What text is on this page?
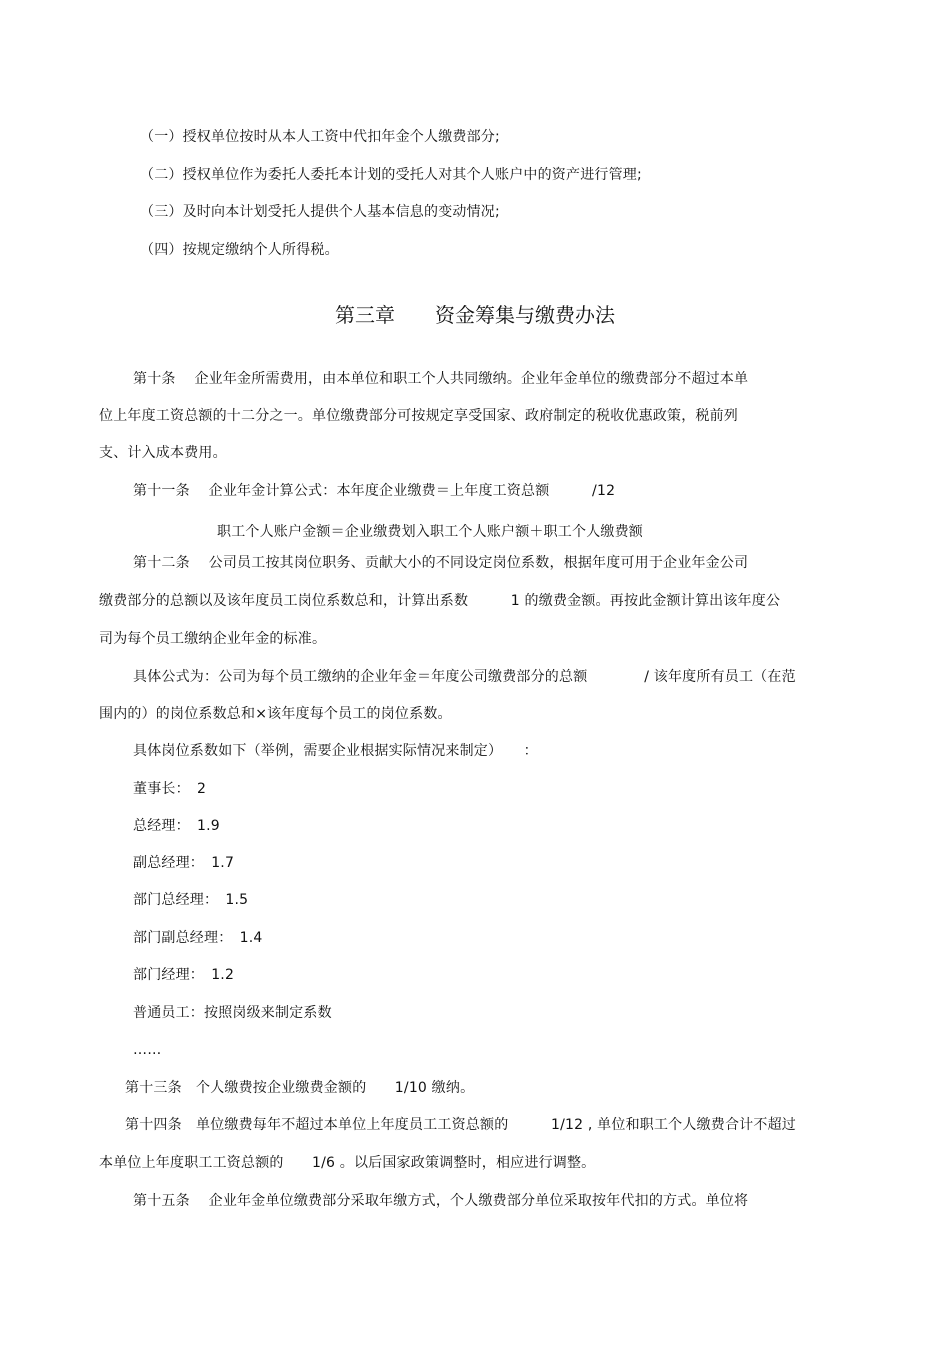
（一）授权单位按时从本人工资中代扣年金个人缴费部分;
（二）授权单位作为委托人委托本计划的受托人对其个人账户中的资产进行管理;
（三）及时向本计划受托人提供个人基本信息的变动情况;
（四）按规定缴纳个人所得税。
第三章　　资金筹集与缴费办法
第十条　 企业年金所需费用，由本单位和职工个人共同缴纳。企业年金单位的缴费部分不超过本单
位上年度工资总额的十二分之一。单位缴费部分可按规定享受国家、政府制定的税收优惠政策，税前列
支、计入成本费用。
第十一条　 企业年金计算公式：本年度企业缴费＝上年度工资总额　　　/12
职工个人账户金额＝企业缴费划入职工个人账户额＋职工个人缴费额
第十二条　 公司员工按其岗位职务、贡献大小的不同设定岗位系数，根据年度可用于企业年金公司
缴费部分的总额以及该年度员工岗位系数总和，计算出系数　　　1 的缴费金额。再按此金额计算出该年度公
司为每个员工缴纳企业年金的标准。
具体公式为：公司为每个员工缴纳的企业年金＝年度公司缴费部分的总额　　　　/ 该年度所有员工（在范
围内的）的岗位系数总和×该年度每个员工的岗位系数。
具体岗位系数如下（举例，需要企业根据实际情况来制定）　　：
董事长：　2
总经理：　1.9
副总经理：　1.7
部门总经理：　1.5
部门副总经理：　1.4
部门经理：　1.2
普通员工：按照岗级来制定系数
……
第十三条　个人缴费按企业缴费金额的　　1/10 缴纳。
第十四条　单位缴费每年不超过本单位上年度员工工资总额的　　　1/12 , 单位和职工个人缴费合计不超过
本单位上年度职工工资总额的　　1/6 。以后国家政策调整时，相应进行调整。
第十五条　 企业年金单位缴费部分采取年缴方式，个人缴费部分单位采取按年代扣的方式。单位将
